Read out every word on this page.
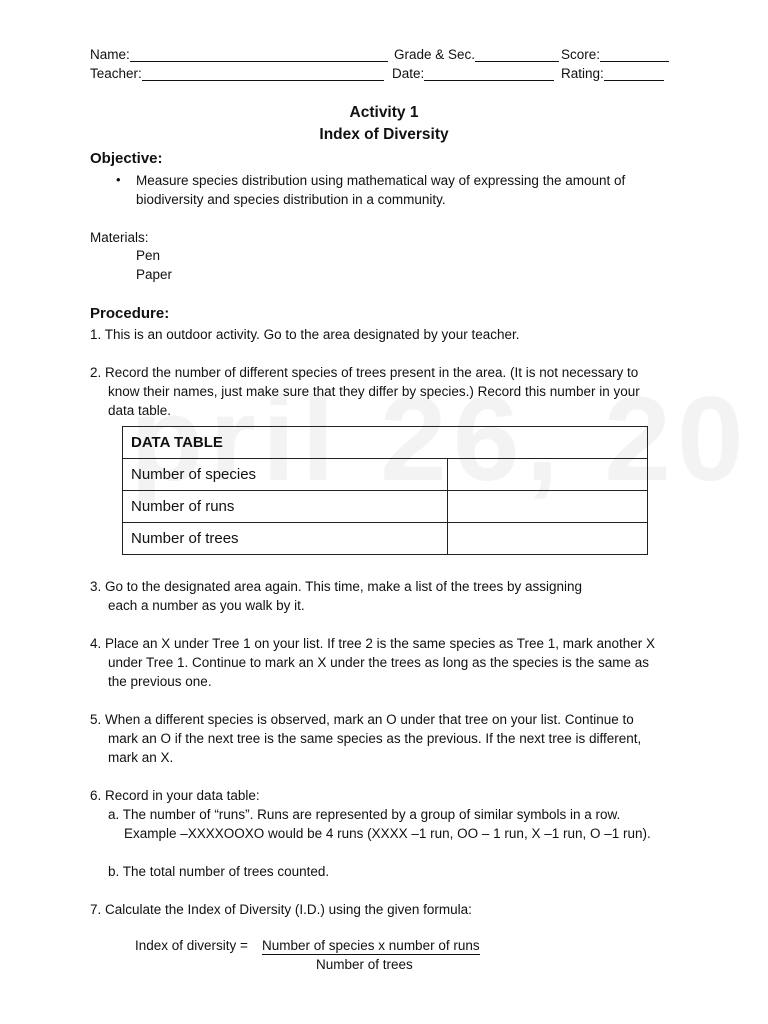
Name:	Grade & Sec.	Score:
Teacher:	Date:	Rating:
Activity 1
Index of Diversity
Objective:
• Measure species distribution using mathematical way of expressing the amount of
biodiversity and species distribution in a community.
Materials:
Pen
Paper
Procedure:
1. This is an outdoor activity. Go to the area designated by your teacher.
2. Record the number of different species of trees present in the area. (It is not necessary to
know their names, just make sure that they differ by species.) Record this number in your
data table.
DATA TABLE	
Number of species	
Number of runs	
Number of trees	
3. Go to the designated area again. This time, make a list of the trees by assigning
each a number as you walk by it.
4. Place an X under Tree 1 on your list. If tree 2 is the same species as Tree 1, mark another X
under Tree 1. Continue to mark an X under the trees as long as the species is the same as
the previous one.
5. When a different species is observed, mark an O under that tree on your list. Continue to
mark an O if the next tree is the same species as the previous. If the next tree is different,
mark an X.
6. Record in your data table:
a. The number of “runs”. Runs are represented by a group of similar symbols in a row.
Example –XXXXOOXO would be 4 runs (XXXX –1 run, OO – 1 run, X –1 run, O –1 run).
b. The total number of trees counted.
7. Calculate the Index of Diversity (I.D.) using the given formula:
Index of diversity = Number of species x number of runs
Number of trees
